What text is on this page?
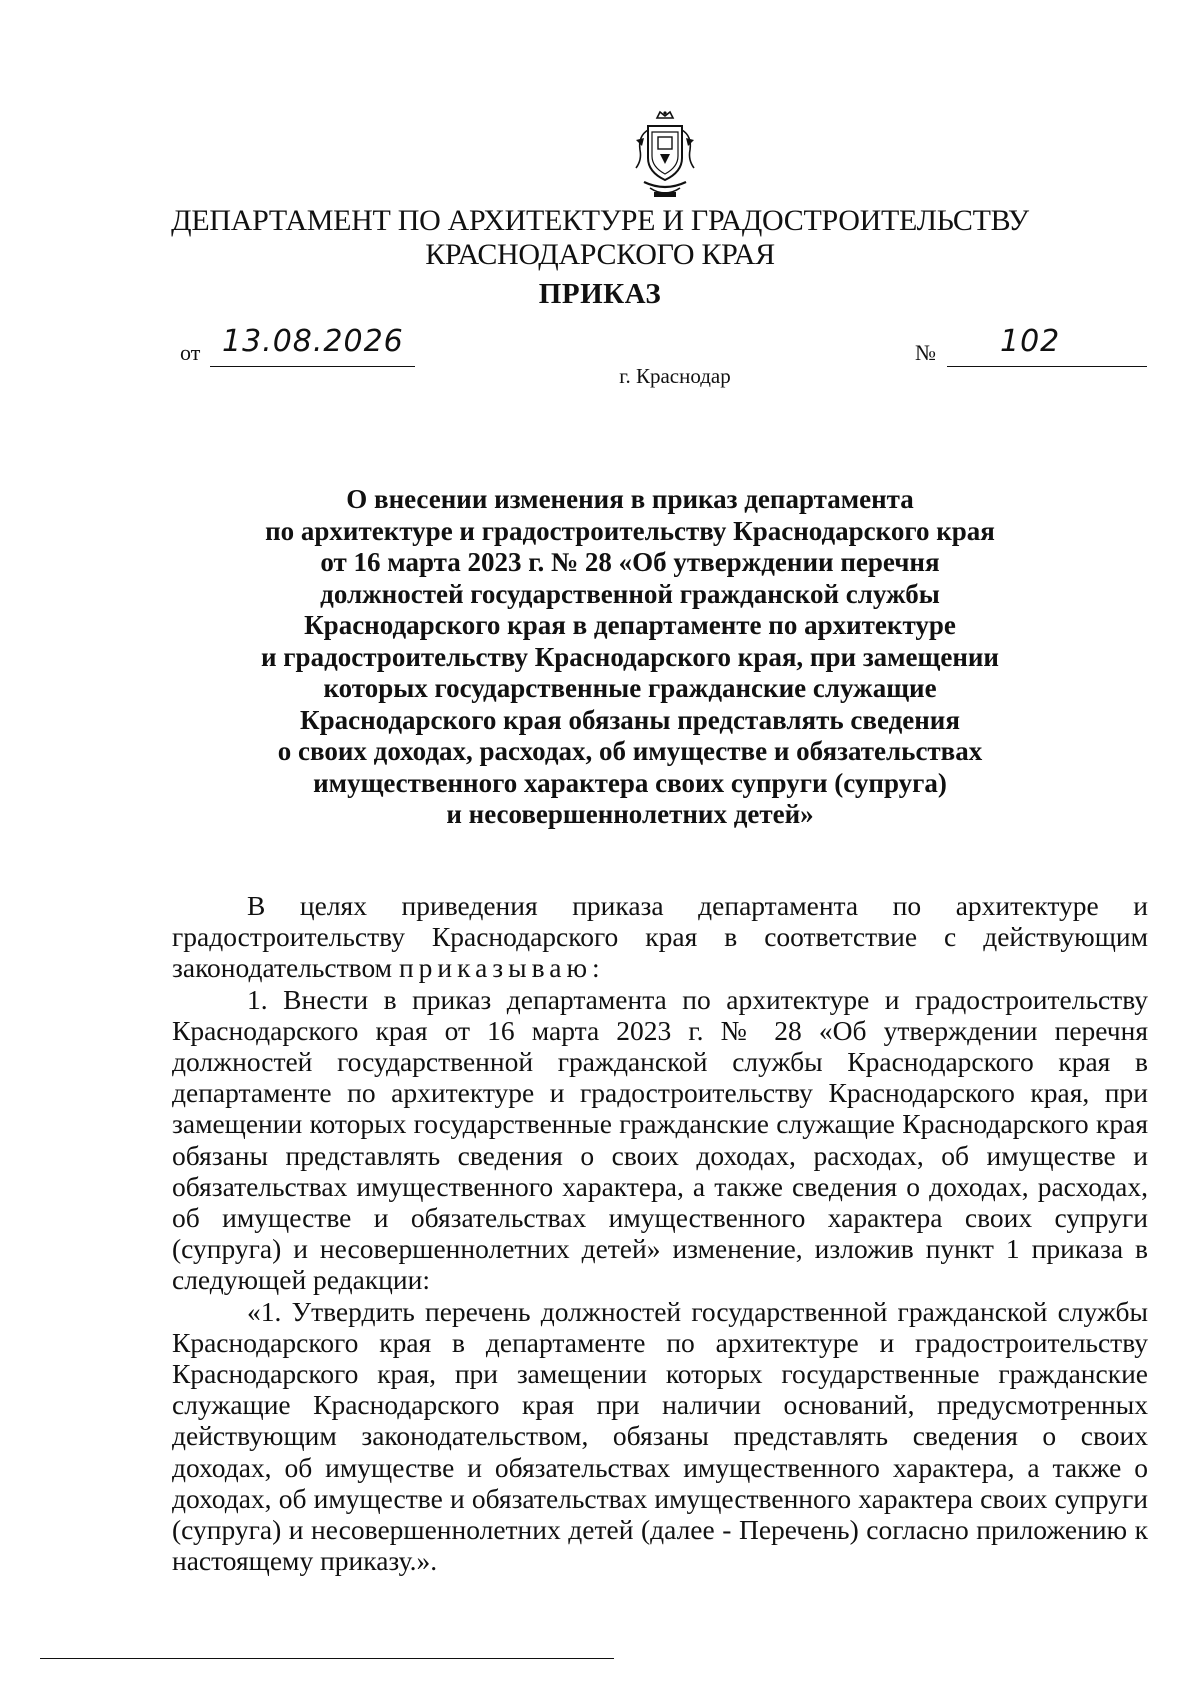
ДЕПАРТАМЕНТ ПО АРХИТЕКТУРЕ И ГРАДОСТРОИТЕЛЬСТВУ
КРАСНОДАРСКОГО КРАЯ
ПРИКАЗ
от 13.08.2026	№ 102
г. Краснодар
О внесении изменения в приказ департамента
по архитектуре и градостроительству Краснодарского края
от 16 марта 2023 г. № 28 «Об утверждении перечня
должностей государственной гражданской службы
Краснодарского края в департаменте по архитектуре
и градостроительству Краснодарского края, при замещении
которых государственные гражданские служащие
Краснодарского края обязаны представлять сведения
о своих доходах, расходах, об имуществе и обязательствах
имущественного характера своих супруги (супруга)
и несовершеннолетних детей»

В целях приведения приказа департамента по архитектуре и градостроительству Краснодарского края в соответствие с действующим законодательством приказываю:

1. Внести в приказ департамента по архитектуре и градостроительству Краснодарского края от 16 марта 2023 г. № 28 «Об утверждении перечня должностей государственной гражданской службы Краснодарского края в департаменте по архитектуре и градостроительству Краснодарского края, при замещении которых государственные гражданские служащие Краснодарского края обязаны представлять сведения о своих доходах, расходах, об имуществе и обязательствах имущественного характера, а также сведения о доходах, расходах, об имуществе и обязательствах имущественного характера своих супруги (супруга) и несовершеннолетних детей» изменение, изложив пункт 1 приказа в следующей редакции:

«1. Утвердить перечень должностей государственной гражданской службы Краснодарского края в департаменте по архитектуре и градостроительству Краснодарского края, при замещении которых государственные гражданские служащие Краснодарского края при наличии оснований, предусмотренных действующим законодательством, обязаны представлять сведения о своих доходах, об имуществе и обязательствах имущественного характера, а также о доходах, об имуществе и обязательствах имущественного характера своих супруги (супруга) и несовершеннолетних детей (далее - Перечень) согласно приложению к настоящему приказу.».
